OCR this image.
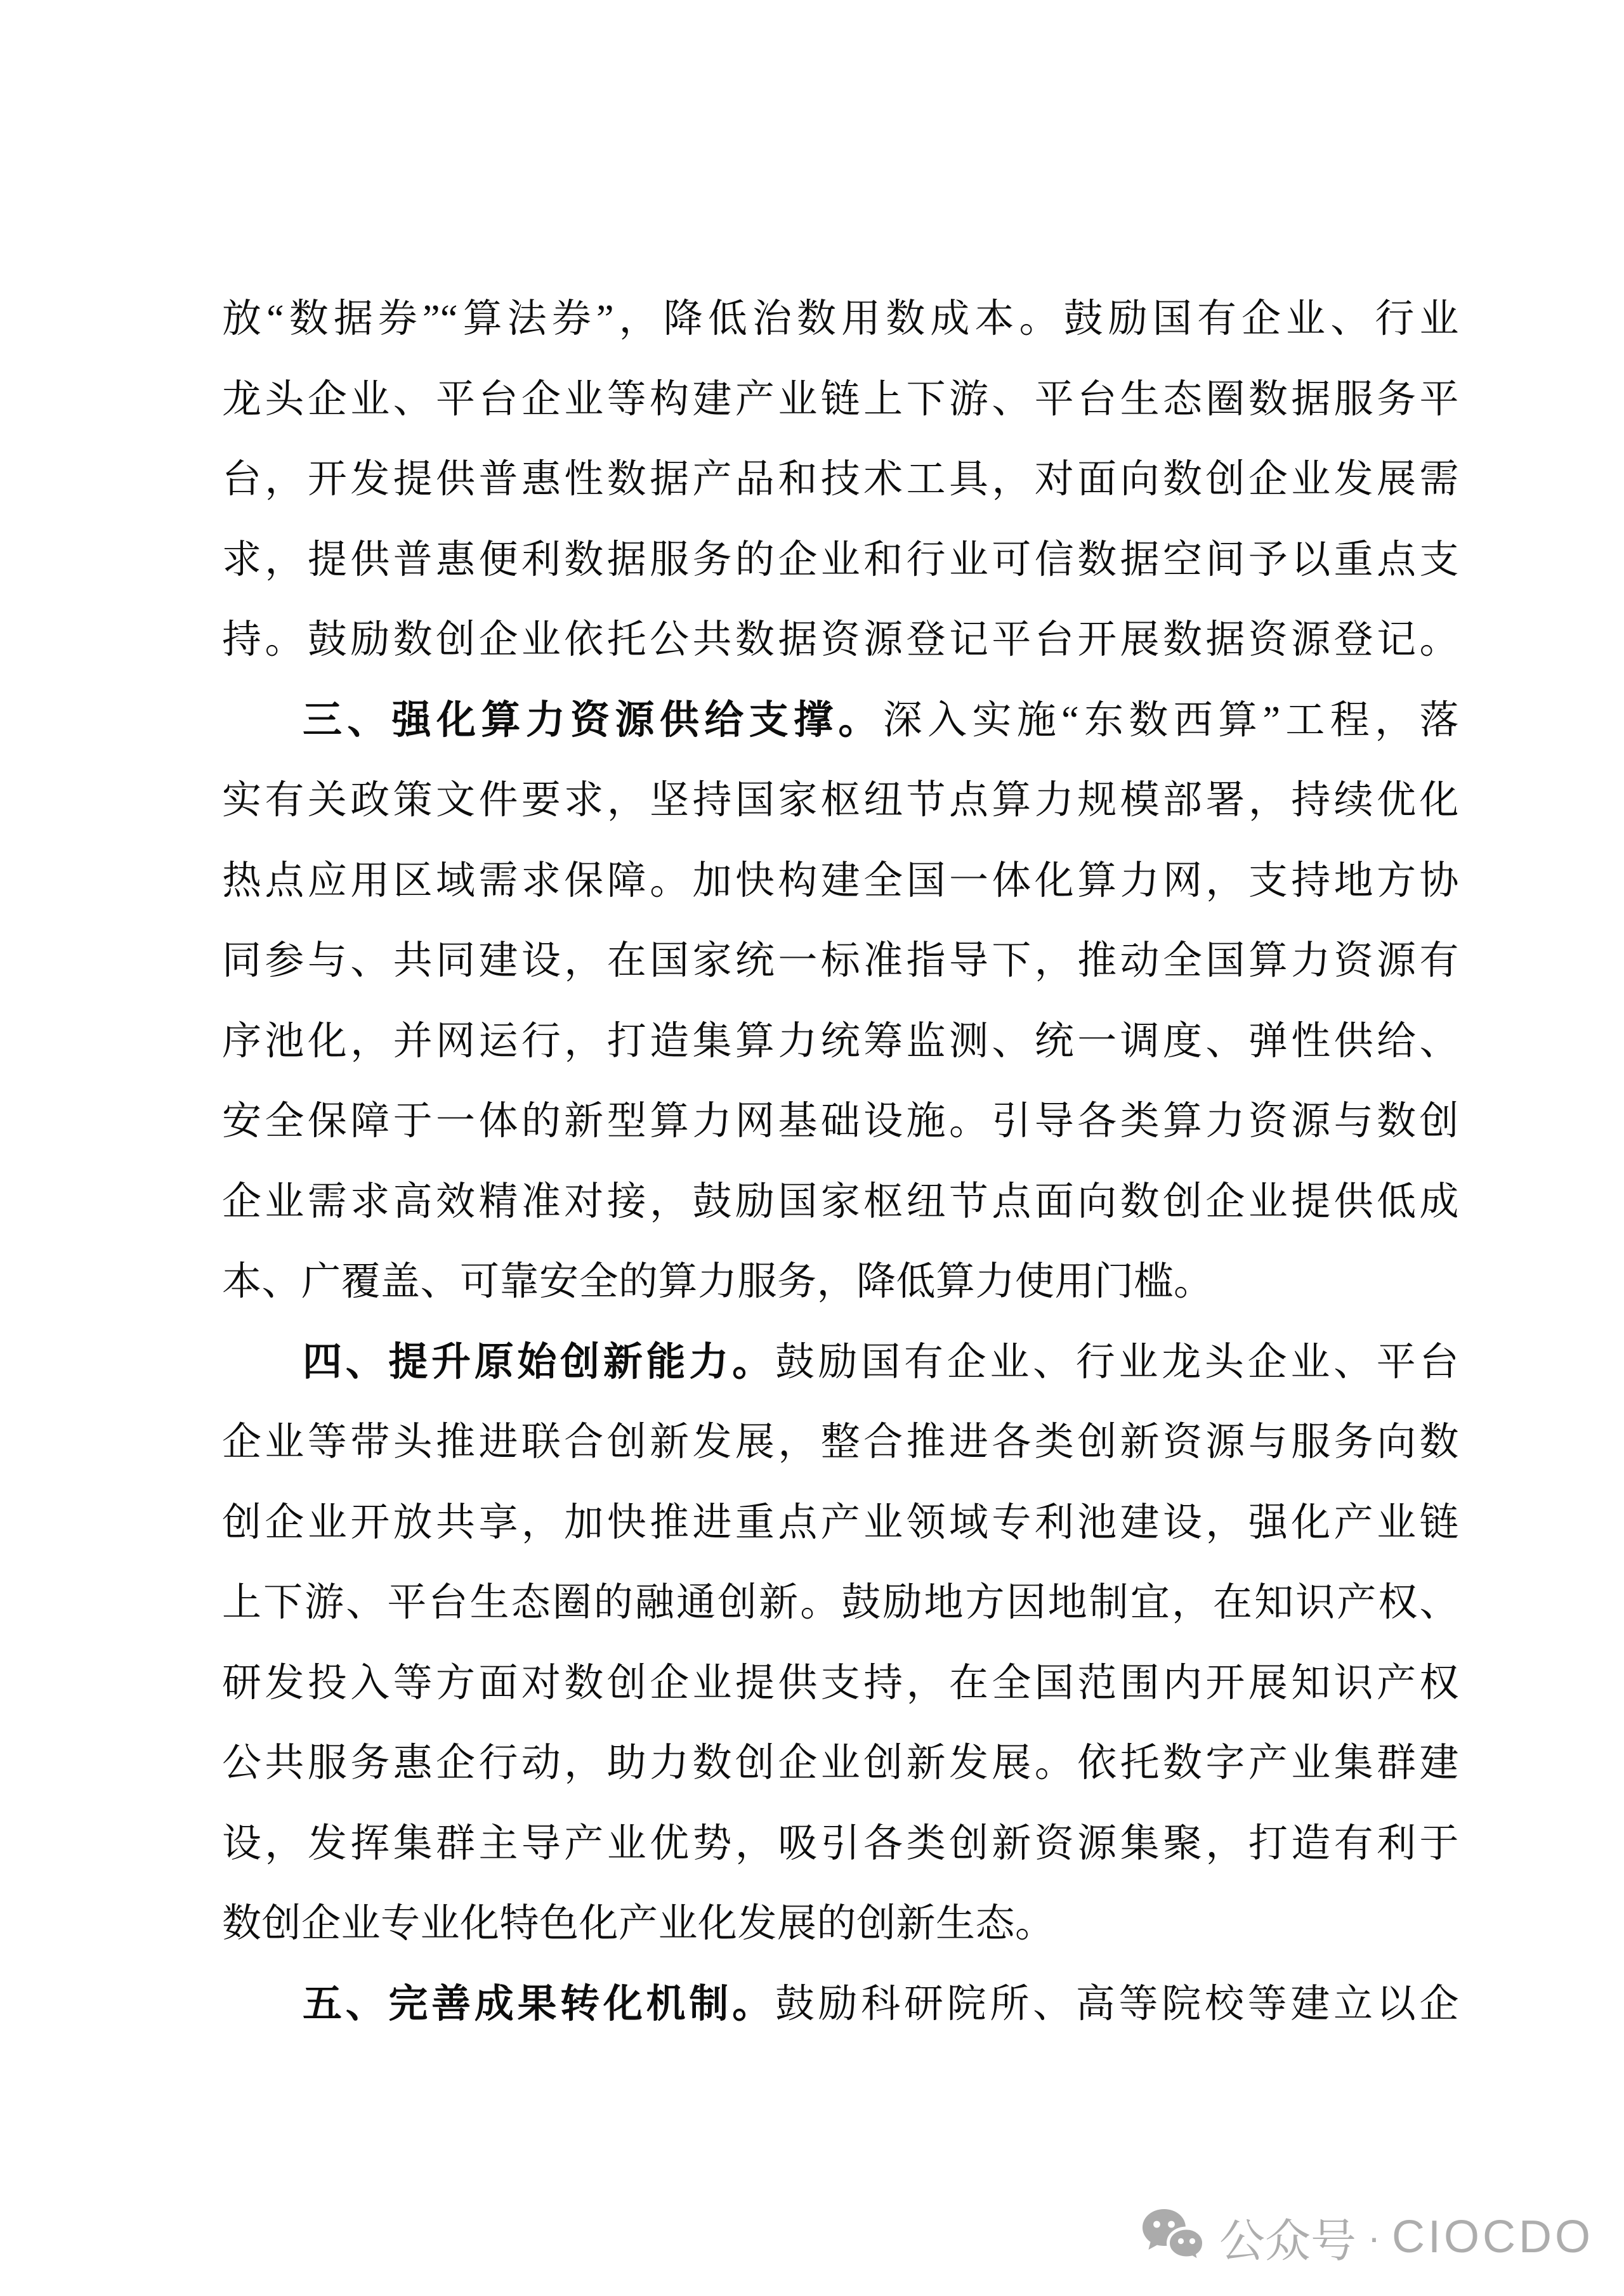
放“数据券”“算法券”，降低治数用数成本。鼓励国有企业、行业
龙头企业、平台企业等构建产业链上下游、平台生态圈数据服务平
台，开发提供普惠性数据产品和技术工具，对面向数创企业发展需
求，提供普惠便利数据服务的企业和行业可信数据空间予以重点支
持。鼓励数创企业依托公共数据资源登记平台开展数据资源登记。
三、强化算力资源供给支撑。深入实施“东数西算”工程，落
实有关政策文件要求，坚持国家枢纽节点算力规模部署，持续优化
热点应用区域需求保障。加快构建全国一体化算力网，支持地方协
同参与、共同建设，在国家统一标准指导下，推动全国算力资源有
序池化，并网运行，打造集算力统筹监测、统一调度、弹性供给、
安全保障于一体的新型算力网基础设施。引导各类算力资源与数创
企业需求高效精准对接，鼓励国家枢纽节点面向数创企业提供低成
本、广覆盖、可靠安全的算力服务，降低算力使用门槛。
四、提升原始创新能力。鼓励国有企业、行业龙头企业、平台
企业等带头推进联合创新发展，整合推进各类创新资源与服务向数
创企业开放共享，加快推进重点产业领域专利池建设，强化产业链
上下游、平台生态圈的融通创新。鼓励地方因地制宜，在知识产权、
研发投入等方面对数创企业提供支持，在全国范围内开展知识产权
公共服务惠企行动，助力数创企业创新发展。依托数字产业集群建
设，发挥集群主导产业优势，吸引各类创新资源集聚，打造有利于
数创企业专业化特色化产业化发展的创新生态。
五、完善成果转化机制。鼓励科研院所、高等院校等建立以企
公众号 · CIOCDO
